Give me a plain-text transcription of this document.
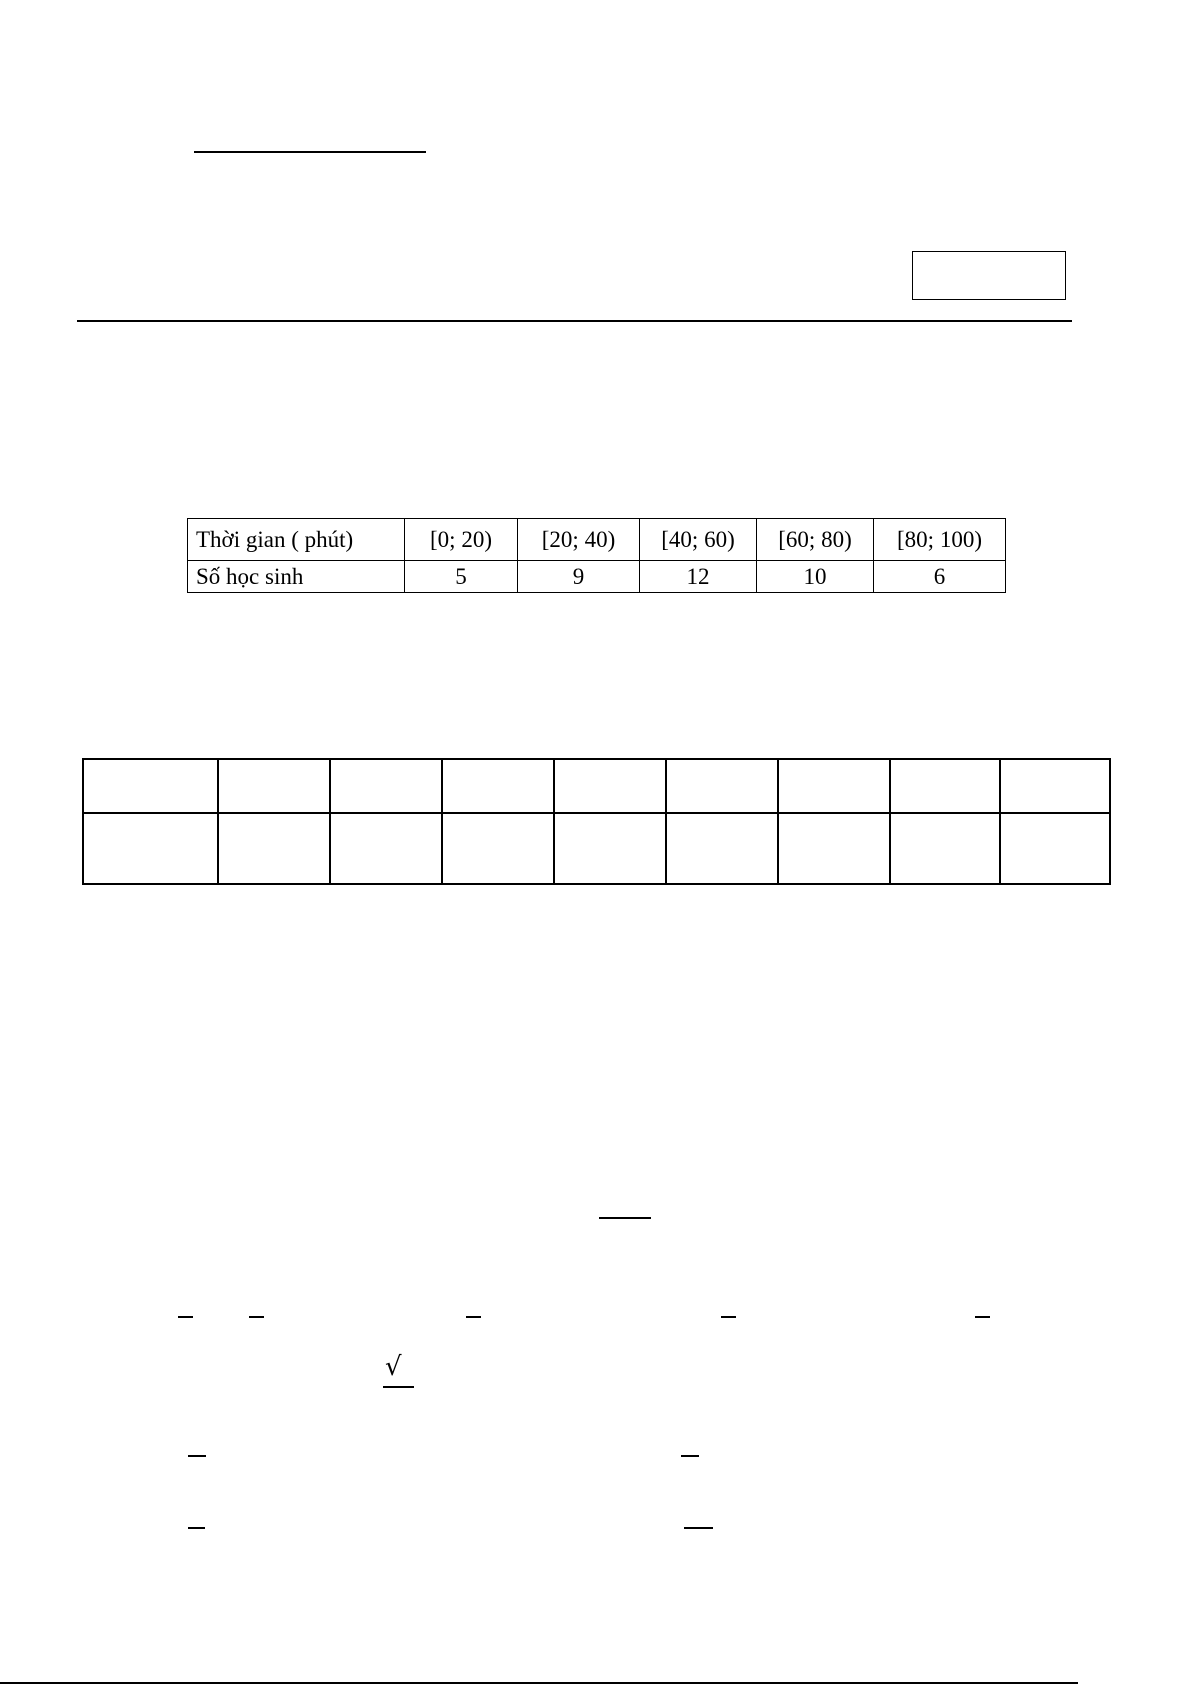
Thời gian ( phút)	[0; 20)	[20; 40)	[40; 60)	[60; 80)	[80; 100)
Số học sinh	5	9	12	10	6

√
